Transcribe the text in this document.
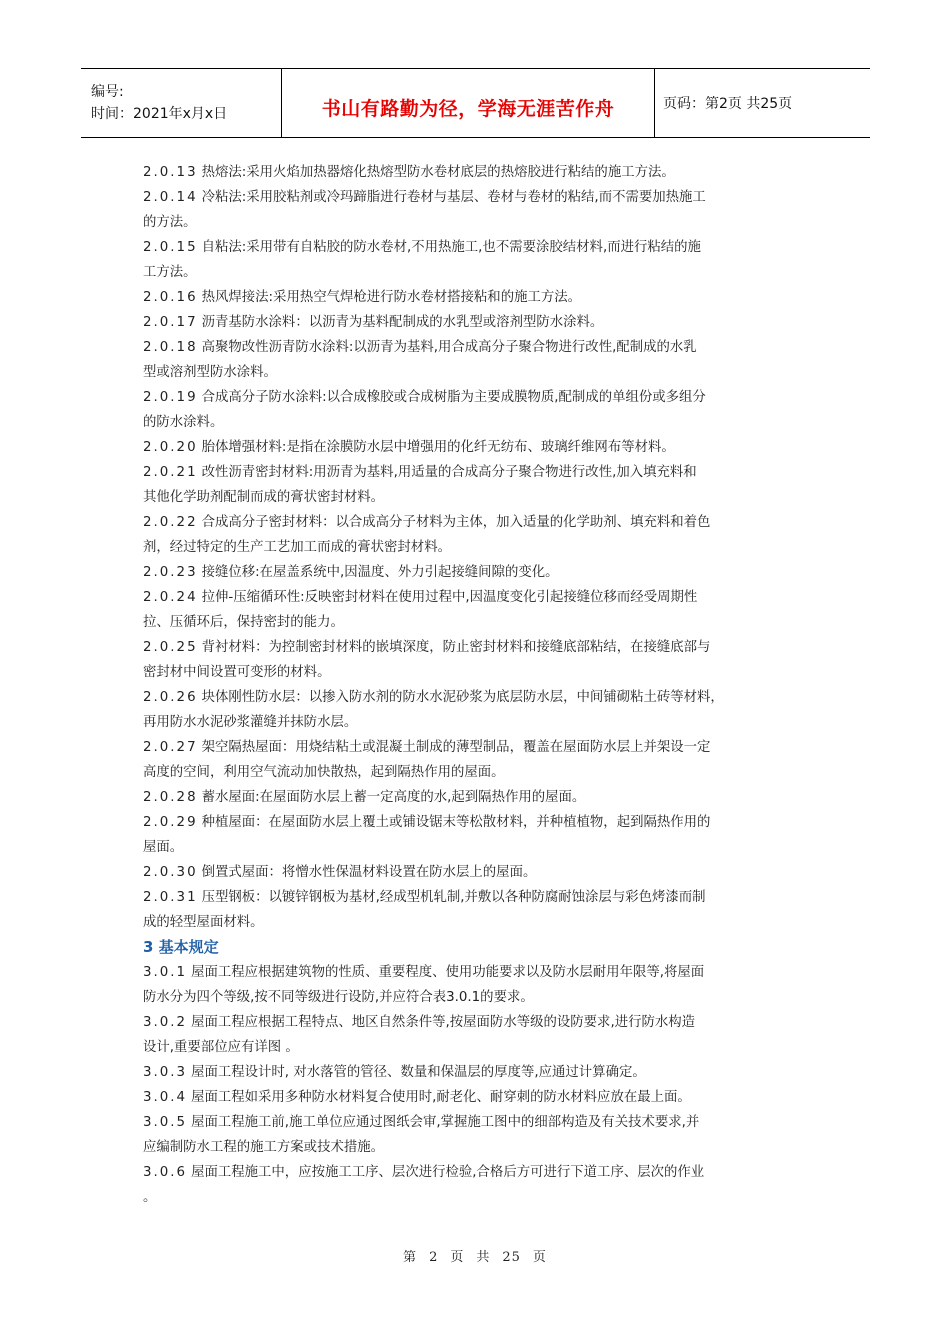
编号:
时间：2021年x月x日	书山有路勤为径，学海无涯苦作舟	页码：第2页 共25页

2.0.13 热熔法:采用火焰加热器熔化热熔型防水卷材底层的热熔胶进行粘结的施工方法。

2.0.14 冷粘法:采用胶粘剂或冷玛蹄脂进行卷材与基层、卷材与卷材的粘结,而不需要加热施工

的方法。

2.0.15 自粘法:采用带有自粘胶的防水卷材,不用热施工,也不需要涂胶结材料,而进行粘结的施

工方法。

2.0.16 热风焊接法:采用热空气焊枪进行防水卷材搭接粘和的施工方法。

2.0.17 沥青基防水涂料：以沥青为基料配制成的水乳型或溶剂型防水涂料。

2.0.18 高聚物改性沥青防水涂料:以沥青为基料,用合成高分子聚合物进行改性,配制成的水乳

型或溶剂型防水涂料。

2.0.19 合成高分子防水涂料:以合成橡胶或合成树脂为主要成膜物质,配制成的单组份或多组分

的防水涂料。

2.0.20 胎体增强材料:是指在涂膜防水层中增强用的化纤无纺布、玻璃纤维网布等材料。

2.0.21 改性沥青密封材料:用沥青为基料,用适量的合成高分子聚合物进行改性,加入填充料和

其他化学助剂配制而成的膏状密封材料。

2.0.22 合成高分子密封材料：以合成高分子材料为主体，加入适量的化学助剂、填充料和着色

剂，经过特定的生产工艺加工而成的膏状密封材料。

2.0.23 接缝位移:在屋盖系统中,因温度、外力引起接缝间隙的变化。

2.0.24 拉伸-压缩循环性:反映密封材料在使用过程中,因温度变化引起接缝位移而经受周期性

拉、压循环后，保持密封的能力。

2.0.25 背衬材料：为控制密封材料的嵌填深度，防止密封材料和接缝底部粘结，在接缝底部与

密封材中间设置可变形的材料。

2.0.26 块体刚性防水层：以掺入防水剂的防水水泥砂浆为底层防水层，中间铺砌粘土砖等材料，

再用防水水泥砂浆灌缝并抹防水层。

2.0.27 架空隔热屋面：用烧结粘土或混凝土制成的薄型制品，覆盖在屋面防水层上并架设一定

高度的空间，利用空气流动加快散热，起到隔热作用的屋面。

2.0.28 蓄水屋面:在屋面防水层上蓄一定高度的水,起到隔热作用的屋面。

2.0.29 种植屋面：在屋面防水层上覆土或铺设锯末等松散材料，并种植植物，起到隔热作用的

屋面。

2.0.30 倒置式屋面：将憎水性保温材料设置在防水层上的屋面。

2.0.31 压型钢板：以镀锌钢板为基材,经成型机轧制,并敷以各种防腐耐蚀涂层与彩色烤漆而制

成的轻型屋面材料。

3 基本规定

3.0.1 屋面工程应根据建筑物的性质、重要程度、使用功能要求以及防水层耐用年限等,将屋面

防水分为四个等级,按不同等级进行设防,并应符合表3.0.1的要求。

3.0.2 屋面工程应根据工程特点、地区自然条件等,按屋面防水等级的设防要求,进行防水构造

设计,重要部位应有详图 。

3.0.3 屋面工程设计时, 对水落管的管径、数量和保温层的厚度等,应通过计算确定。

3.0.4 屋面工程如采用多种防水材料复合使用时,耐老化、耐穿刺的防水材料应放在最上面。

3.0.5 屋面工程施工前,施工单位应通过图纸会审,掌握施工图中的细部构造及有关技术要求,并

应编制防水工程的施工方案或技术措施。

3.0.6 屋面工程施工中，应按施工工序、层次进行检验,合格后方可进行下道工序、层次的作业

。

第 2 页 共 25 页
